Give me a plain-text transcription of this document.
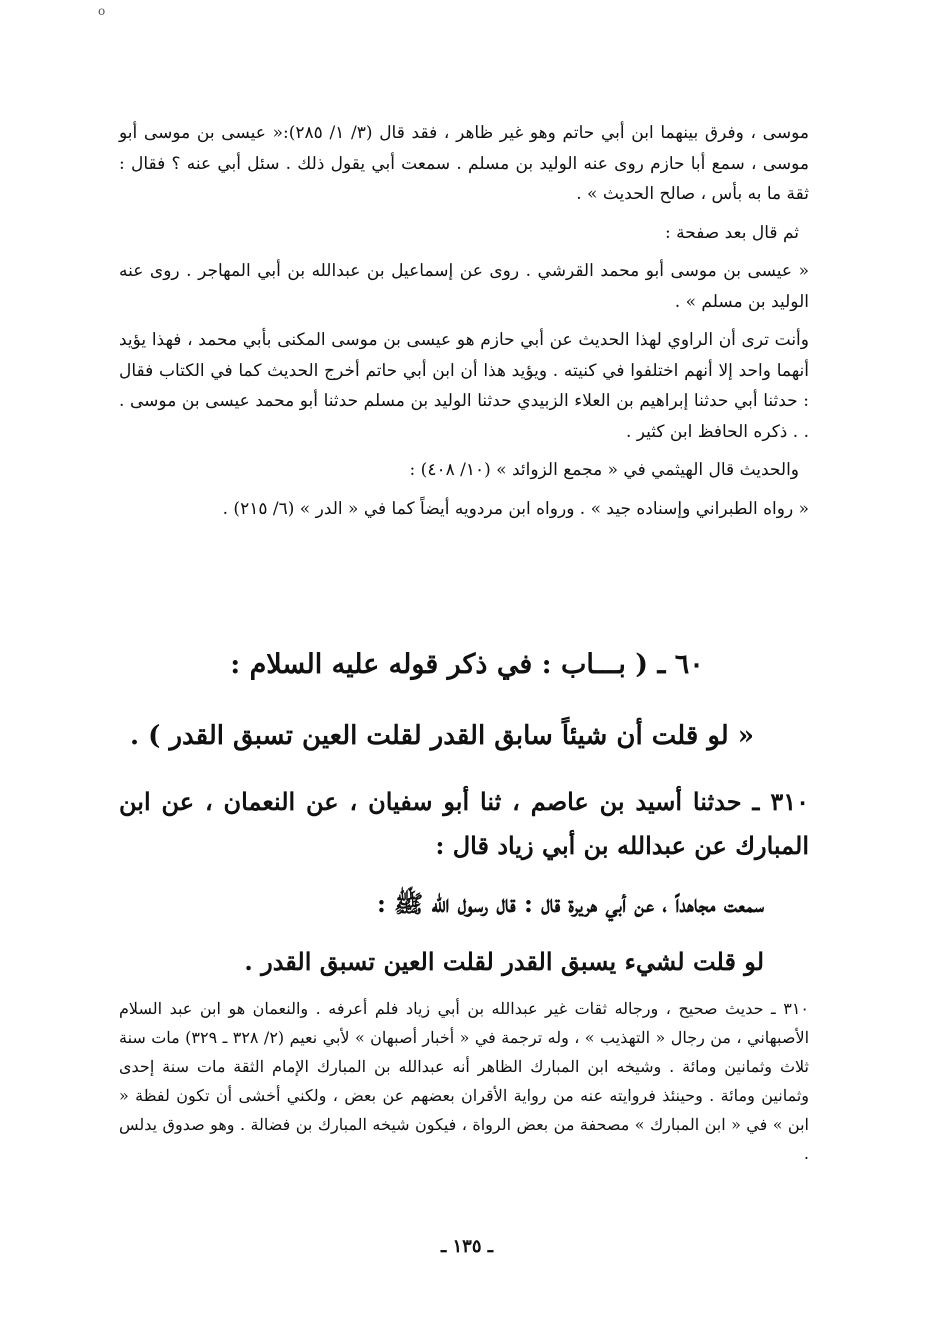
o

موسى ، وفرق بينهما ابن أبي حاتم وهو غير ظاهر ، فقد قال (٣/ ١/ ٢٨٥):« عيسى بن موسى أبو موسى ، سمع أبا حازم روى عنه الوليد بن مسلم . سمعت أبي يقول ذلك . سئل أبي عنه ؟ فقال : ثقة ما به بأس ، صالح الحديث » .

ثم قال بعد صفحة :

« عيسى بن موسى أبو محمد القرشي . روى عن إسماعيل بن عبدالله بن أبي المهاجر . روى عنه الوليد بن مسلم » .

وأنت ترى أن الراوي لهذا الحديث عن أبي حازم هو عيسى بن موسى المكنى بأبي محمد ، فهذا يؤيد أنهما واحد إلا أنهم اختلفوا في كنيته . ويؤيد هذا أن ابن أبي حاتم أخرج الحديث كما في الكتاب فقال : حدثنا أبي حدثنا إبراهيم بن العلاء الزبيدي حدثنا الوليد بن مسلم حدثنا أبو محمد عيسى بن موسى . . . ذكره الحافظ ابن كثير .

والحديث قال الهيثمي في « مجمع الزوائد » (١٠/ ٤٠٨) :

« رواه الطبراني وإسناده جيد » . ورواه ابن مردويه أيضاً كما في « الدر » (٦/ ٢١٥) .

٦٠ ـ ( بـــاب : في ذكر قوله عليه السلام :
« لو قلت أن شيئاً سابق القدر لقلت العين تسبق القدر ) .

٣١٠ ـ حدثنا أسيد بن عاصم ، ثنا أبو سفيان ، عن النعمان ، عن ابن المبارك عن عبدالله بن أبي زياد قال :

سمعت مجاهداً ، عن أبي هريرة قال : قال رسول الله ﷺ :

لو قلت لشيء يسبق القدر لقلت العين تسبق القدر .

٣١٠ ـ حديث صحيح ، ورجاله ثقات غير عبدالله بن أبي زياد فلم أعرفه . والنعمان هو ابن عبد السلام الأصبهاني ، من رجال « التهذيب » ، وله ترجمة في « أخبار أصبهان » لأبي نعيم (٢/ ٣٢٨ ـ ٣٢٩) مات سنة ثلاث وثمانين ومائة . وشيخه ابن المبارك الظاهر أنه عبدالله بن المبارك الإمام الثقة مات سنة إحدى وثمانين ومائة . وحينئذ فروايته عنه من رواية الأقران بعضهم عن بعض ، ولكني أخشى أن تكون لفظة « ابن » في « ابن المبارك » مصحفة من بعض الرواة ، فيكون شيخه المبارك بن فضالة . وهو صدوق يدلس .

ـ ١٣٥ ـ
